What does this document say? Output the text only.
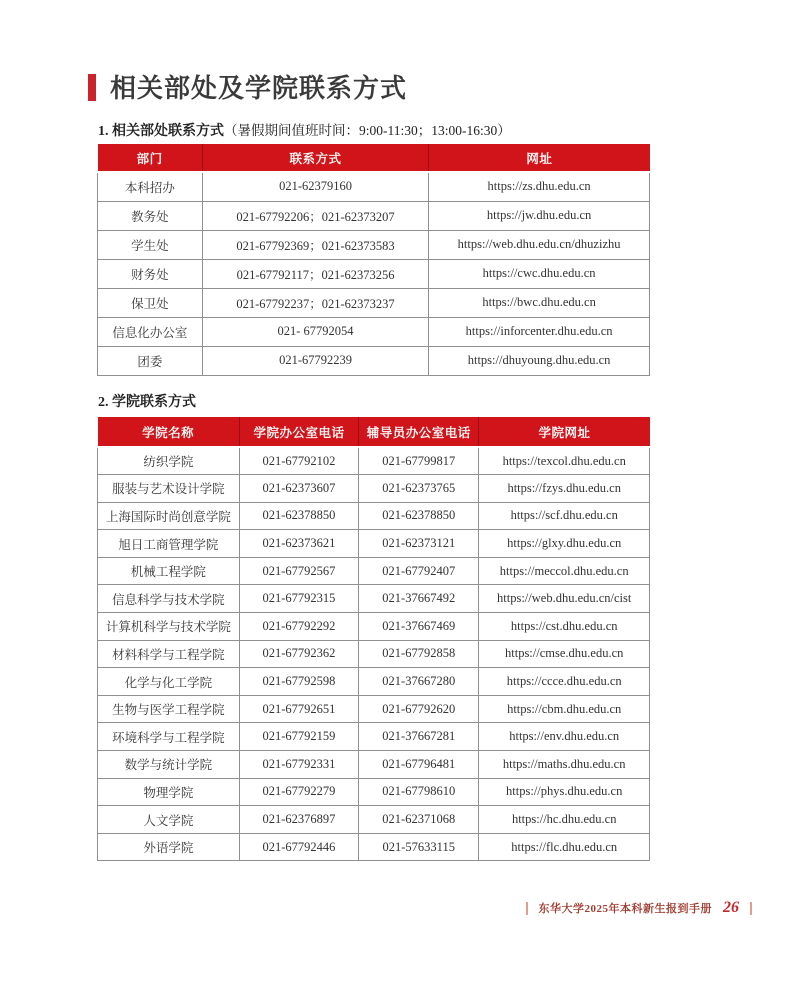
相关部处及学院联系方式
1. 相关部处联系方式（暑假期间值班时间：9:00-11:30；13:00-16:30）
部门	联系方式	网址
本科招办	021-62379160	https://zs.dhu.edu.cn
教务处	021-67792206；021-62373207	https://jw.dhu.edu.cn
学生处	021-67792369；021-62373583	https://web.dhu.edu.cn/dhuzizhu
财务处	021-67792117；021-62373256	https://cwc.dhu.edu.cn
保卫处	021-67792237；021-62373237	https://bwc.dhu.edu.cn
信息化办公室	021- 67792054	https://inforcenter.dhu.edu.cn
团委	021-67792239	https://dhuyoung.dhu.edu.cn
2. 学院联系方式
学院名称	学院办公室电话	辅导员办公室电话	学院网址
纺织学院	021-67792102	021-67799817	https://texcol.dhu.edu.cn
服装与艺术设计学院	021-62373607	021-62373765	https://fzys.dhu.edu.cn
上海国际时尚创意学院	021-62378850	021-62378850	https://scf.dhu.edu.cn
旭日工商管理学院	021-62373621	021-62373121	https://glxy.dhu.edu.cn
机械工程学院	021-67792567	021-67792407	https://meccol.dhu.edu.cn
信息科学与技术学院	021-67792315	021-37667492	https://web.dhu.edu.cn/cist
计算机科学与技术学院	021-67792292	021-37667469	https://cst.dhu.edu.cn
材料科学与工程学院	021-67792362	021-67792858	https://cmse.dhu.edu.cn
化学与化工学院	021-67792598	021-37667280	https://ccce.dhu.edu.cn
生物与医学工程学院	021-67792651	021-67792620	https://cbm.dhu.edu.cn
环境科学与工程学院	021-67792159	021-37667281	https://env.dhu.edu.cn
数学与统计学院	021-67792331	021-67796481	https://maths.dhu.edu.cn
物理学院	021-67792279	021-67798610	https://phys.dhu.edu.cn
人文学院	021-62376897	021-62371068	https://hc.dhu.edu.cn
外语学院	021-67792446	021-57633115	https://flc.dhu.edu.cn
东华大学2025年本科新生报到手册 26
